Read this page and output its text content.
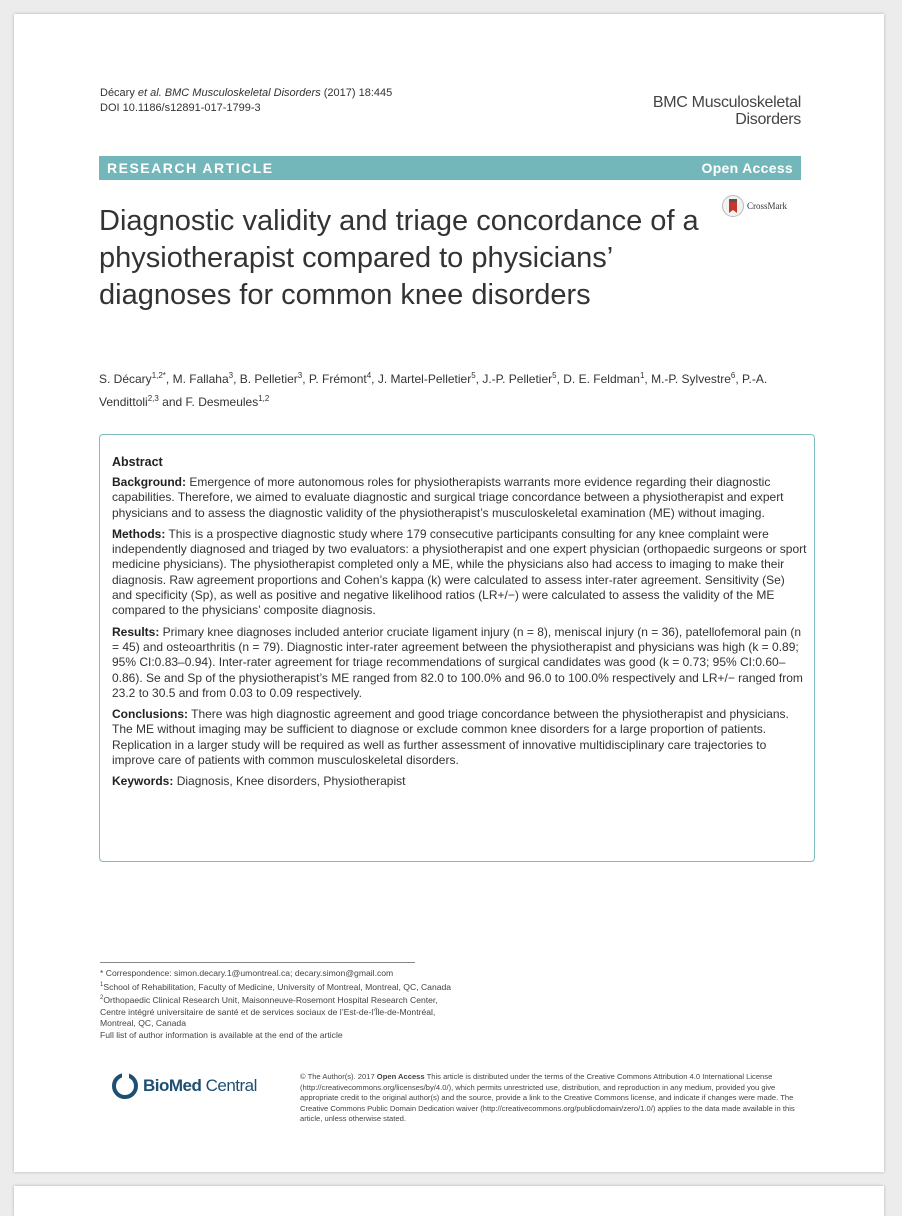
Décary et al. BMC Musculoskeletal Disorders (2017) 18:445
DOI 10.1186/s12891-017-1799-3	BMC Musculoskeletal
Disorders
RESEARCH ARTICLE	Open Access
CrossMark
Diagnostic validity and triage concordance of a physiotherapist compared to physicians’ diagnoses for common knee disorders
S. Décary$^{1,2*}$, M. Fallaha$^3$, B. Pelletier$^3$, P. Frémont$^4$, J. Martel-Pelletier$^5$, J.-P. Pelletier$^5$, D. E. Feldman$^1$, M.-P. Sylvestre$^6$, P.-A. Vendittoli$^{2,3}$ and F. Desmeules$^{1,2}$
Abstract

Background: Emergence of more autonomous roles for physiotherapists warrants more evidence regarding their diagnostic capabilities. Therefore, we aimed to evaluate diagnostic and surgical triage concordance between a physiotherapist and expert physicians and to assess the diagnostic validity of the physiotherapist’s musculoskeletal examination (ME) without imaging.

Methods: This is a prospective diagnostic study where 179 consecutive participants consulting for any knee complaint were independently diagnosed and triaged by two evaluators: a physiotherapist and one expert physician (orthopaedic surgeons or sport medicine physicians). The physiotherapist completed only a ME, while the physicians also had access to imaging to make their diagnosis. Raw agreement proportions and Cohen’s kappa (k) were calculated to assess inter-rater agreement. Sensitivity (Se) and specificity (Sp), as well as positive and negative likelihood ratios (LR+/−) were calculated to assess the validity of the ME compared to the physicians’ composite diagnosis.

Results: Primary knee diagnoses included anterior cruciate ligament injury (n = 8), meniscal injury (n = 36), patellofemoral pain (n = 45) and osteoarthritis (n = 79). Diagnostic inter-rater agreement between the physiotherapist and physicians was high (k = 0.89; 95% CI:0.83–0.94). Inter-rater agreement for triage recommendations of surgical candidates was good (k = 0.73; 95% CI:0.60–0.86). Se and Sp of the physiotherapist’s ME ranged from 82.0 to 100.0% and 96.0 to 100.0% respectively and LR+/− ranged from 23.2 to 30.5 and from 0.03 to 0.09 respectively.

Conclusions: There was high diagnostic agreement and good triage concordance between the physiotherapist and physicians. The ME without imaging may be sufficient to diagnose or exclude common knee disorders for a large proportion of patients. Replication in a larger study will be required as well as further assessment of innovative multidisciplinary care trajectories to improve care of patients with common musculoskeletal disorders.

Keywords: Diagnosis, Knee disorders, Physiotherapist

* Correspondence: simon.decary.1@umontreal.ca; decary.simon@gmail.com

$^1$School of Rehabilitation, Faculty of Medicine, University of Montreal, Montreal, QC, Canada

$^2$Orthopaedic Clinical Research Unit, Maisonneuve-Rosemont Hospital Research Center, Centre intégré universitaire de santé et de services sociaux de l’Est-de-l’Île-de-Montréal, Montreal, QC, Canada

Full list of author information is available at the end of the article

BioMed Central	© The Author(s). 2017 Open Access This article is distributed under the terms of the Creative Commons Attribution 4.0 International License (http://creativecommons.org/licenses/by/4.0/), which permits unrestricted use, distribution, and reproduction in any medium, provided you give appropriate credit to the original author(s) and the source, provide a link to the Creative Commons license, and indicate if changes were made. The Creative Commons Public Domain Dedication waiver (http://creativecommons.org/publicdomain/zero/1.0/) applies to the data made available in this article, unless otherwise stated.
